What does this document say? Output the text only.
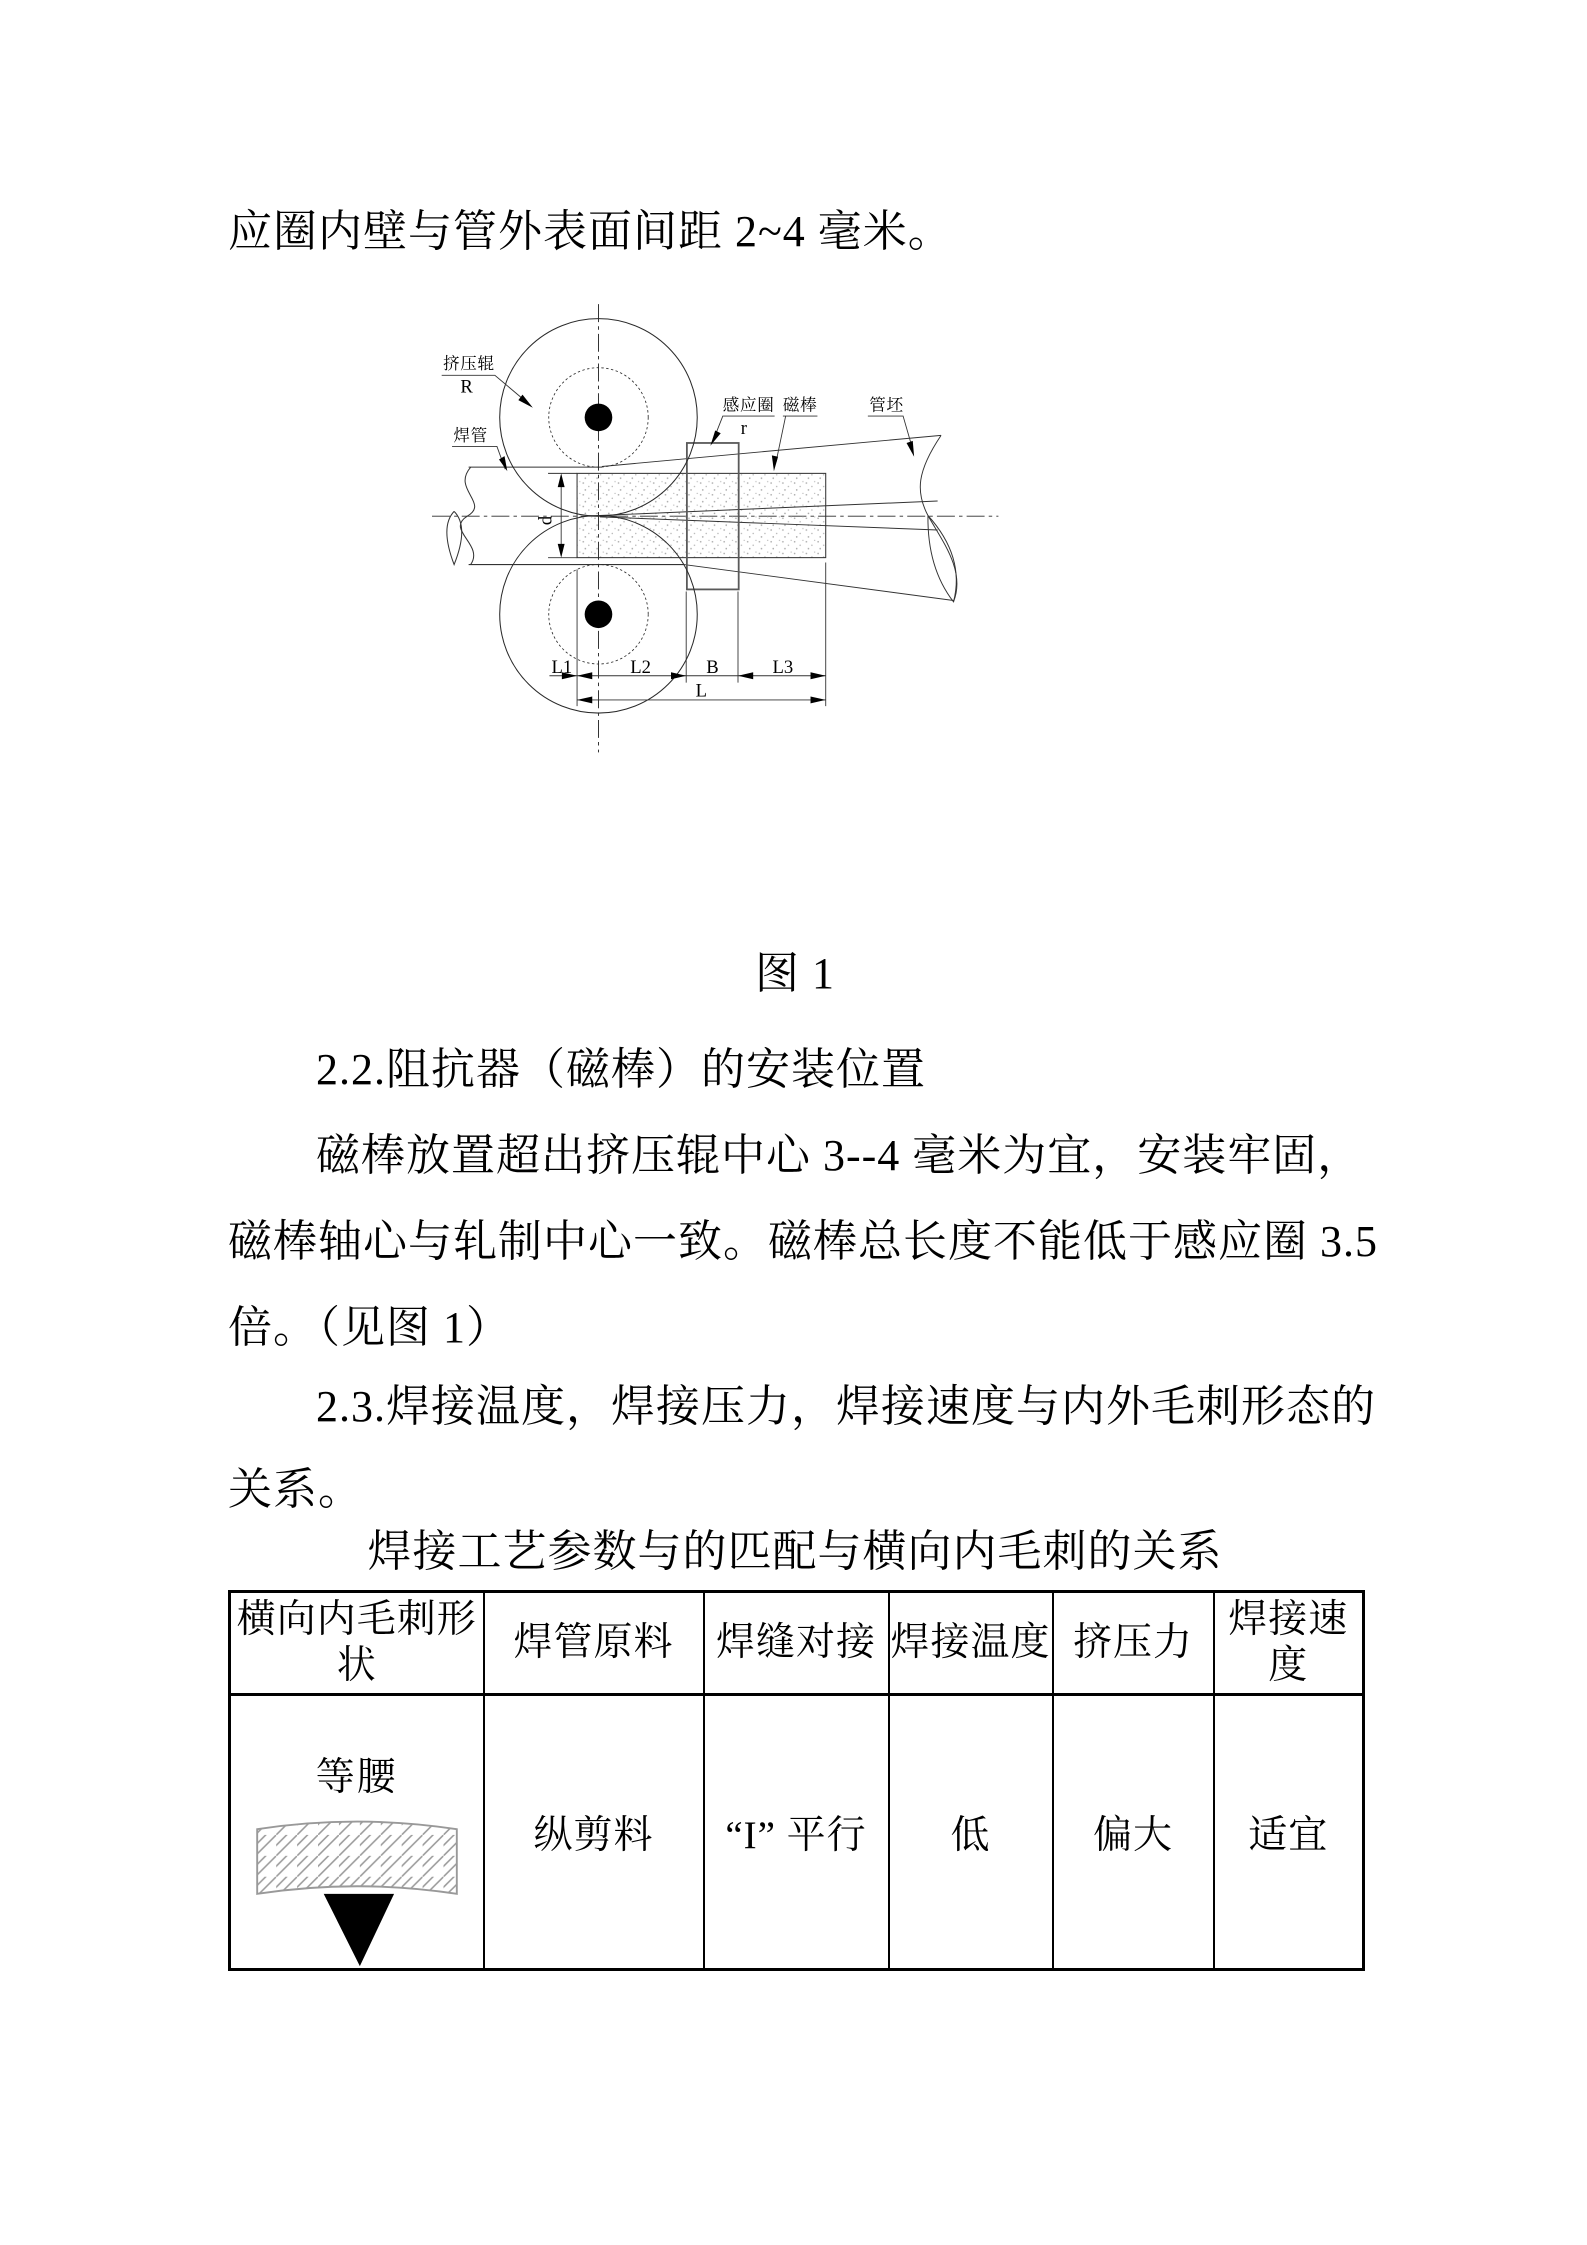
应圈内壁与管外表面间距 2~4 毫米。
挤压辊
R
焊管
感应圈
r
磁棒 管坯
d
L1 L2 B L3
L
图 1
2.2.阻抗器（磁棒）的安装位置
磁棒放置超出挤压辊中心 3--4 毫米为宜，安装牢固，
磁棒轴心与轧制中心一致。磁棒总长度不能低于感应圈 3.5
倍。（见图 1）
2.3.焊接温度，焊接压力，焊接速度与内外毛刺形态的
关系。
焊接工艺参数与的匹配与横向内毛刺的关系
横向内毛刺形状	焊管原料	焊缝对接	焊接温度	挤压力	焊接速度

等腰	纵剪料	“I” 平行	低	偏大	适宜
